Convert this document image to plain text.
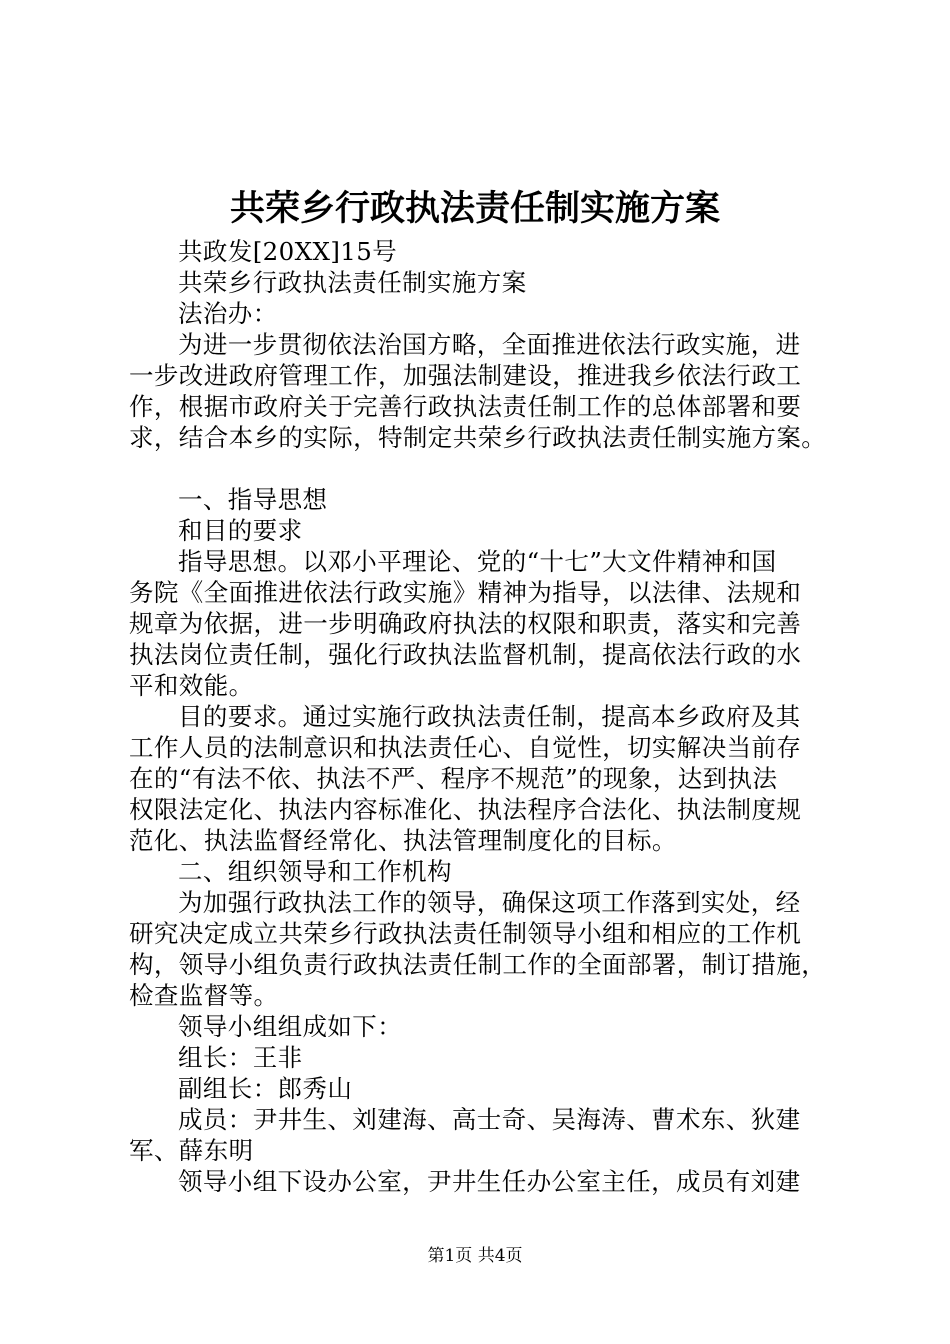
共荣乡行政执法责任制实施方案
共政发[20XX]15号
共荣乡行政执法责任制实施方案
法治办：
为进一步贯彻依法治国方略，全面推进依法行政实施，进
一步改进政府管理工作，加强法制建设，推进我乡依法行政工
作，根据市政府关于完善行政执法责任制工作的总体部署和要
求，结合本乡的实际，特制定共荣乡行政执法责任制实施方案。
一、指导思想
和目的要求
指导思想。以邓小平理论、党的“十七”大文件精神和国
务院《全面推进依法行政实施》精神为指导，以法律、法规和
规章为依据，进一步明确政府执法的权限和职责，落实和完善
执法岗位责任制，强化行政执法监督机制，提高依法行政的水
平和效能。
目的要求。通过实施行政执法责任制，提高本乡政府及其
工作人员的法制意识和执法责任心、自觉性，切实解决当前存
在的“有法不依、执法不严、程序不规范”的现象，达到执法
权限法定化、执法内容标准化、执法程序合法化、执法制度规
范化、执法监督经常化、执法管理制度化的目标。
二、组织领导和工作机构
为加强行政执法工作的领导，确保这项工作落到实处，经
研究决定成立共荣乡行政执法责任制领导小组和相应的工作机
构，领导小组负责行政执法责任制工作的全面部署，制订措施，
检查监督等。
领导小组组成如下：
组长：王非
副组长：郎秀山
成员：尹井生、刘建海、高士奇、吴海涛、曹术东、狄建
军、薛东明
领导小组下设办公室，尹井生任办公室主任，成员有刘建
第1页 共4页
